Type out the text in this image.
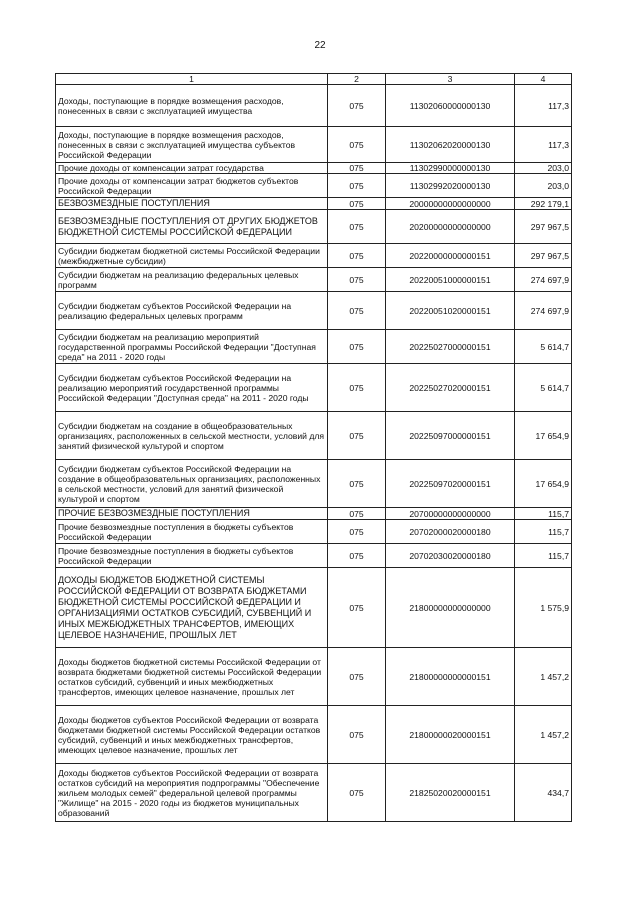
22
1	2	3	4
Доходы, поступающие в порядке возмещения расходов, понесенных в связи с эксплуатацией имущества	075	11302060000000130	117,3
Доходы, поступающие в порядке возмещения расходов, понесенных в связи с эксплуатацией имущества субъектов Российской Федерации	075	11302062020000130	117,3
Прочие доходы от компенсации затрат государства	075	11302990000000130	203,0
Прочие доходы от компенсации затрат бюджетов субъектов Российской Федерации	075	11302992020000130	203,0
БЕЗВОЗМЕЗДНЫЕ ПОСТУПЛЕНИЯ	075	20000000000000000	292 179,1
БЕЗВОЗМЕЗДНЫЕ ПОСТУПЛЕНИЯ ОТ ДРУГИХ БЮДЖЕТОВ БЮДЖЕТНОЙ СИСТЕМЫ РОССИЙСКОЙ ФЕДЕРАЦИИ	075	20200000000000000	297 967,5
Субсидии бюджетам бюджетной системы Российской Федерации (межбюджетные субсидии)	075	20220000000000151	297 967,5
Субсидии бюджетам на реализацию федеральных целевых программ	075	20220051000000151	274 697,9
Субсидии бюджетам субъектов Российской Федерации на реализацию федеральных целевых программ	075	20220051020000151	274 697,9
Субсидии бюджетам на реализацию мероприятий государственной программы Российской Федерации "Доступная среда" на 2011 - 2020 годы	075	20225027000000151	5 614,7
Субсидии бюджетам субъектов Российской Федерации на реализацию мероприятий государственной программы Российской Федерации "Доступная среда" на 2011 - 2020 годы	075	20225027020000151	5 614,7
Субсидии бюджетам на создание в общеобразовательных организациях, расположенных в сельской местности, условий для занятий физической культурой и спортом	075	20225097000000151	17 654,9
Субсидии бюджетам субъектов Российской Федерации на создание в общеобразовательных организациях, расположенных в сельской местности, условий для занятий физической культурой и спортом	075	20225097020000151	17 654,9
ПРОЧИЕ БЕЗВОЗМЕЗДНЫЕ ПОСТУПЛЕНИЯ	075	20700000000000000	115,7
Прочие безвозмездные поступления в бюджеты субъектов Российской Федерации	075	20702000020000180	115,7
Прочие безвозмездные поступления в бюджеты субъектов Российской Федерации	075	20702030020000180	115,7
ДОХОДЫ БЮДЖЕТОВ БЮДЖЕТНОЙ СИСТЕМЫ РОССИЙСКОЙ ФЕДЕРАЦИИ ОТ ВОЗВРАТА БЮДЖЕТАМИ БЮДЖЕТНОЙ СИСТЕМЫ РОССИЙСКОЙ ФЕДЕРАЦИИ И ОРГАНИЗАЦИЯМИ ОСТАТКОВ СУБСИДИЙ, СУБВЕНЦИЙ И ИНЫХ МЕЖБЮДЖЕТНЫХ ТРАНСФЕРТОВ, ИМЕЮЩИХ ЦЕЛЕВОЕ НАЗНАЧЕНИЕ, ПРОШЛЫХ ЛЕТ	075	21800000000000000	1 575,9
Доходы бюджетов бюджетной системы Российской Федерации от возврата бюджетами бюджетной системы Российской Федерации остатков субсидий, субвенций и иных межбюджетных трансфертов, имеющих целевое назначение, прошлых лет	075	21800000000000151	1 457,2
Доходы бюджетов субъектов Российской Федерации от возврата бюджетами бюджетной системы Российской Федерации остатков субсидий, субвенций и иных межбюджетных трансфертов, имеющих целевое назначение, прошлых лет	075	21800000020000151	1 457,2
Доходы бюджетов субъектов Российской Федерации от возврата остатков субсидий на мероприятия подпрограммы "Обеспечение жильем молодых семей" федеральной целевой программы "Жилище" на 2015 - 2020 годы из бюджетов муниципальных образований	075	21825020020000151	434,7
